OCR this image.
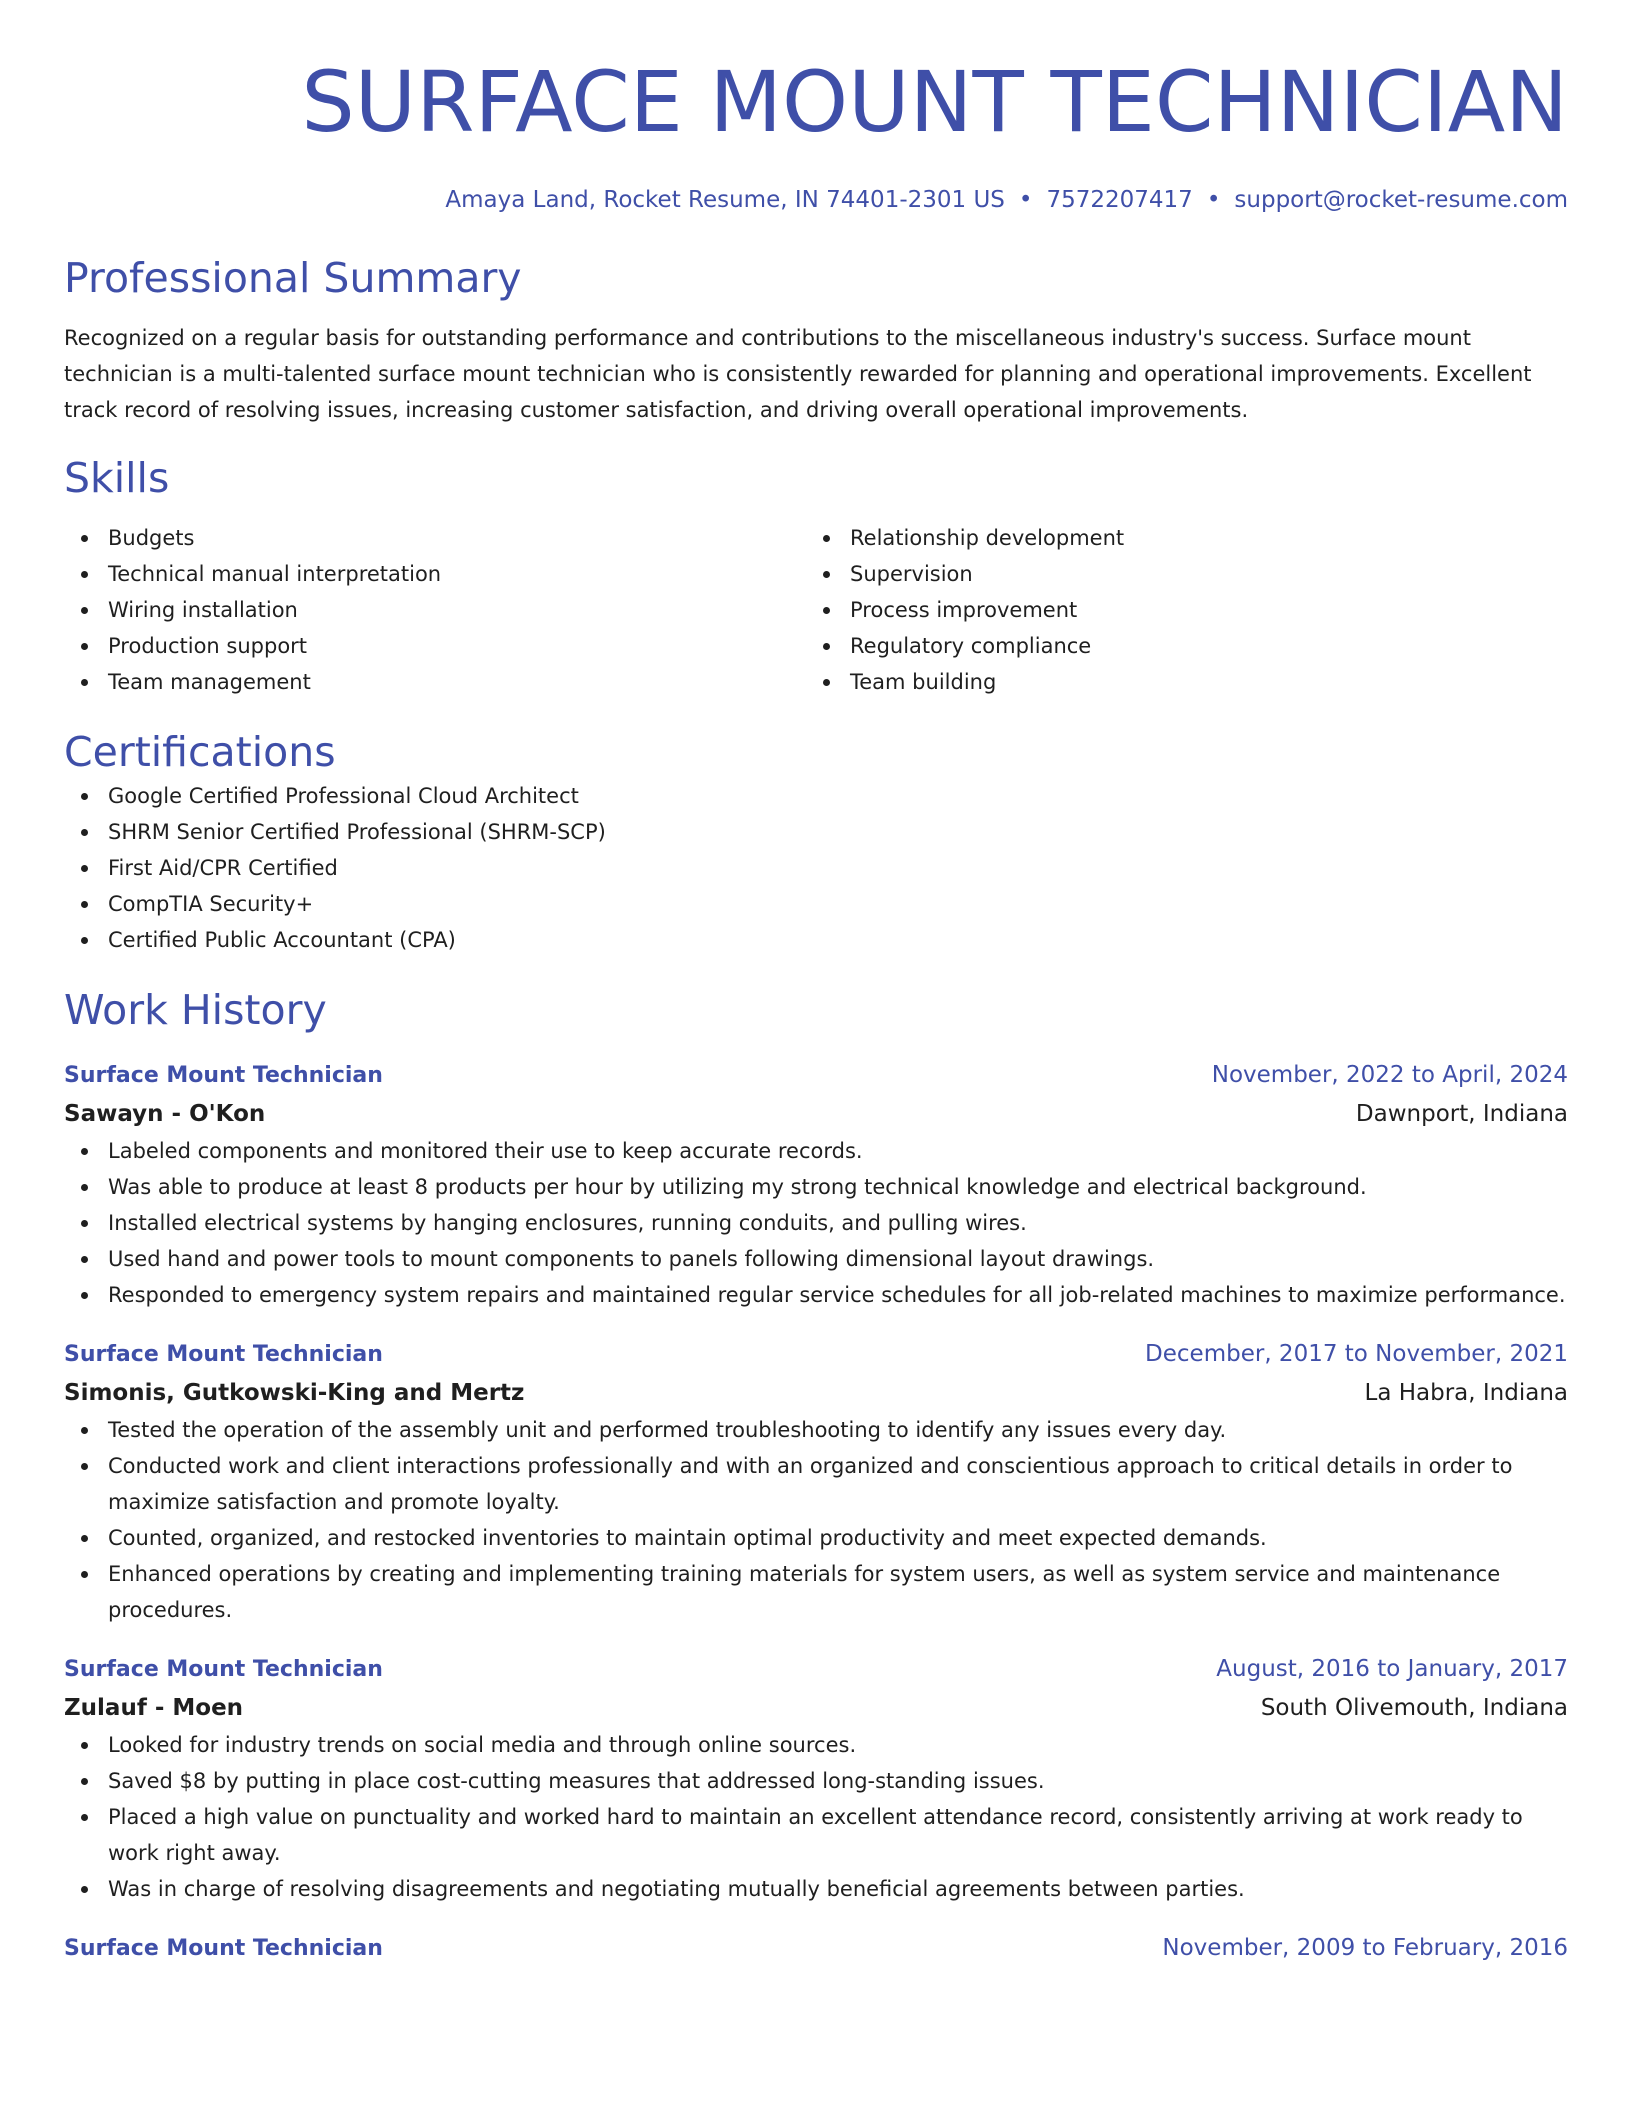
SURFACE MOUNT TECHNICIAN
Amaya Land, Rocket Resume, IN 74401-2301 US • 7572207417 • support@rocket-resume.com
Professional Summary
Recognized on a regular basis for outstanding performance and contributions to the miscellaneous industry's success. Surface mount technician is a multi-talented surface mount technician who is consistently rewarded for planning and operational improvements. Excellent track record of resolving issues, increasing customer satisfaction, and driving overall operational improvements.
Skills
Budgets
Technical manual interpretation
Wiring installation
Production support
Team management
Relationship development
Supervision
Process improvement
Regulatory compliance
Team building
Certifications
Google Certified Professional Cloud Architect
SHRM Senior Certified Professional (SHRM-SCP)
First Aid/CPR Certified
CompTIA Security+
Certified Public Accountant (CPA)
Work History
Surface Mount Technician	November, 2022 to April, 2024
Sawayn - O'Kon	Dawnport, Indiana
Labeled components and monitored their use to keep accurate records.
Was able to produce at least 8 products per hour by utilizing my strong technical knowledge and electrical background.
Installed electrical systems by hanging enclosures, running conduits, and pulling wires.
Used hand and power tools to mount components to panels following dimensional layout drawings.
Responded to emergency system repairs and maintained regular service schedules for all job-related machines to maximize performance.
Surface Mount Technician	December, 2017 to November, 2021
Simonis, Gutkowski-King and Mertz	La Habra, Indiana
Tested the operation of the assembly unit and performed troubleshooting to identify any issues every day.
Conducted work and client interactions professionally and with an organized and conscientious approach to critical details in order to maximize satisfaction and promote loyalty.
Counted, organized, and restocked inventories to maintain optimal productivity and meet expected demands.
Enhanced operations by creating and implementing training materials for system users, as well as system service and maintenance procedures.
Surface Mount Technician	August, 2016 to January, 2017
Zulauf - Moen	South Olivemouth, Indiana
Looked for industry trends on social media and through online sources.
Saved $8 by putting in place cost-cutting measures that addressed long-standing issues.
Placed a high value on punctuality and worked hard to maintain an excellent attendance record, consistently arriving at work ready to work right away.
Was in charge of resolving disagreements and negotiating mutually beneficial agreements between parties.
Surface Mount Technician	November, 2009 to February, 2016
